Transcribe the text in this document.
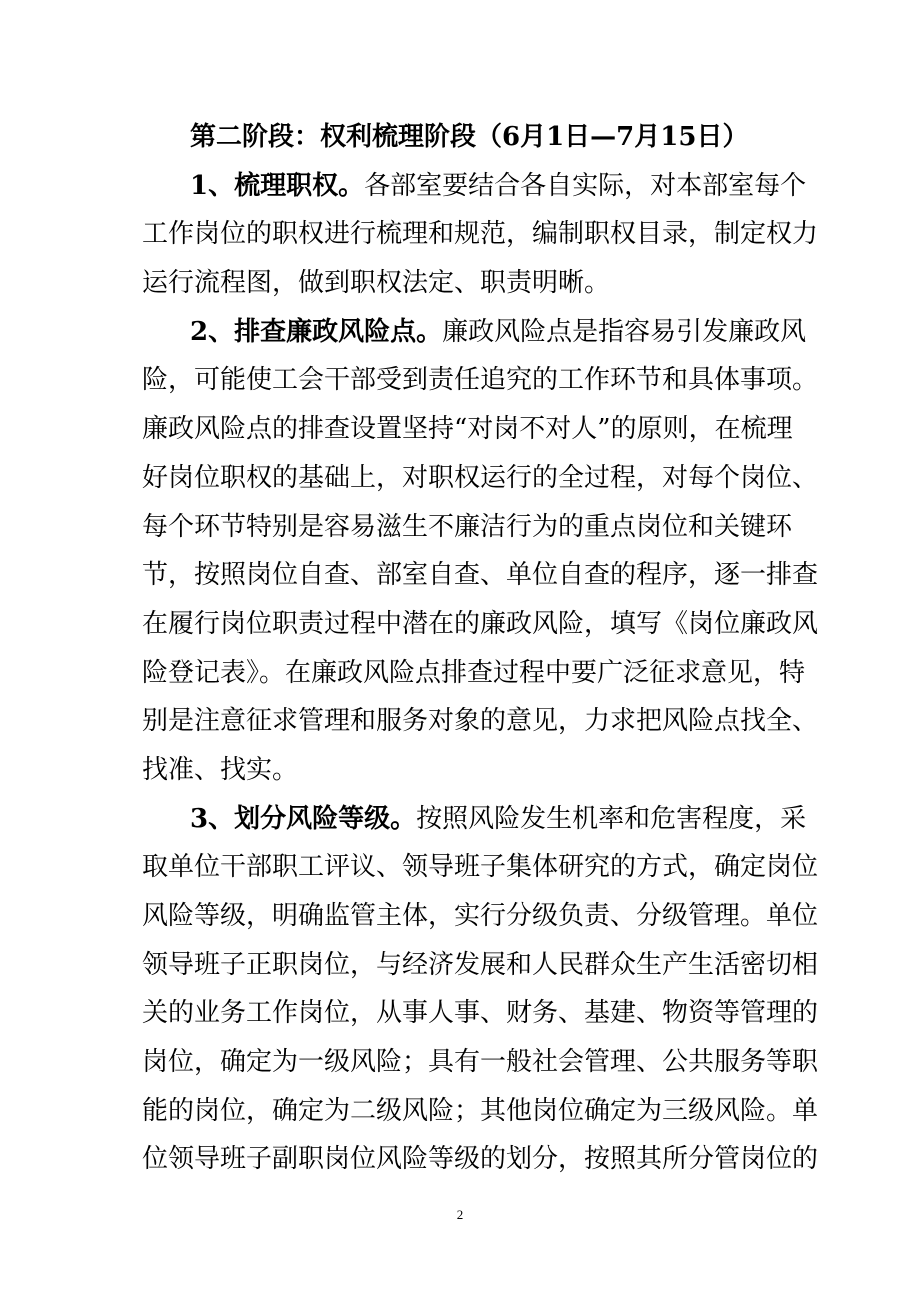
第二阶段：权利梳理阶段（6月1日—7月15日）
1、梳理职权。各部室要结合各自实际，对本部室每个
工作岗位的职权进行梳理和规范，编制职权目录，制定权力
运行流程图，做到职权法定、职责明晰。
2、排查廉政风险点。廉政风险点是指容易引发廉政风
险，可能使工会干部受到责任追究的工作环节和具体事项。
廉政风险点的排查设置坚持“对岗不对人”的原则，在梳理
好岗位职权的基础上，对职权运行的全过程，对每个岗位、
每个环节特别是容易滋生不廉洁行为的重点岗位和关键环
节，按照岗位自查、部室自查、单位自查的程序，逐一排查
在履行岗位职责过程中潜在的廉政风险，填写《岗位廉政风
险登记表》。在廉政风险点排查过程中要广泛征求意见，特
别是注意征求管理和服务对象的意见，力求把风险点找全、
找准、找实。
3、划分风险等级。按照风险发生机率和危害程度，采
取单位干部职工评议、领导班子集体研究的方式，确定岗位
风险等级，明确监管主体，实行分级负责、分级管理。单位
领导班子正职岗位，与经济发展和人民群众生产生活密切相
关的业务工作岗位，从事人事、财务、基建、物资等管理的
岗位，确定为一级风险；具有一般社会管理、公共服务等职
能的岗位，确定为二级风险；其他岗位确定为三级风险。单
位领导班子副职岗位风险等级的划分，按照其所分管岗位的
2
